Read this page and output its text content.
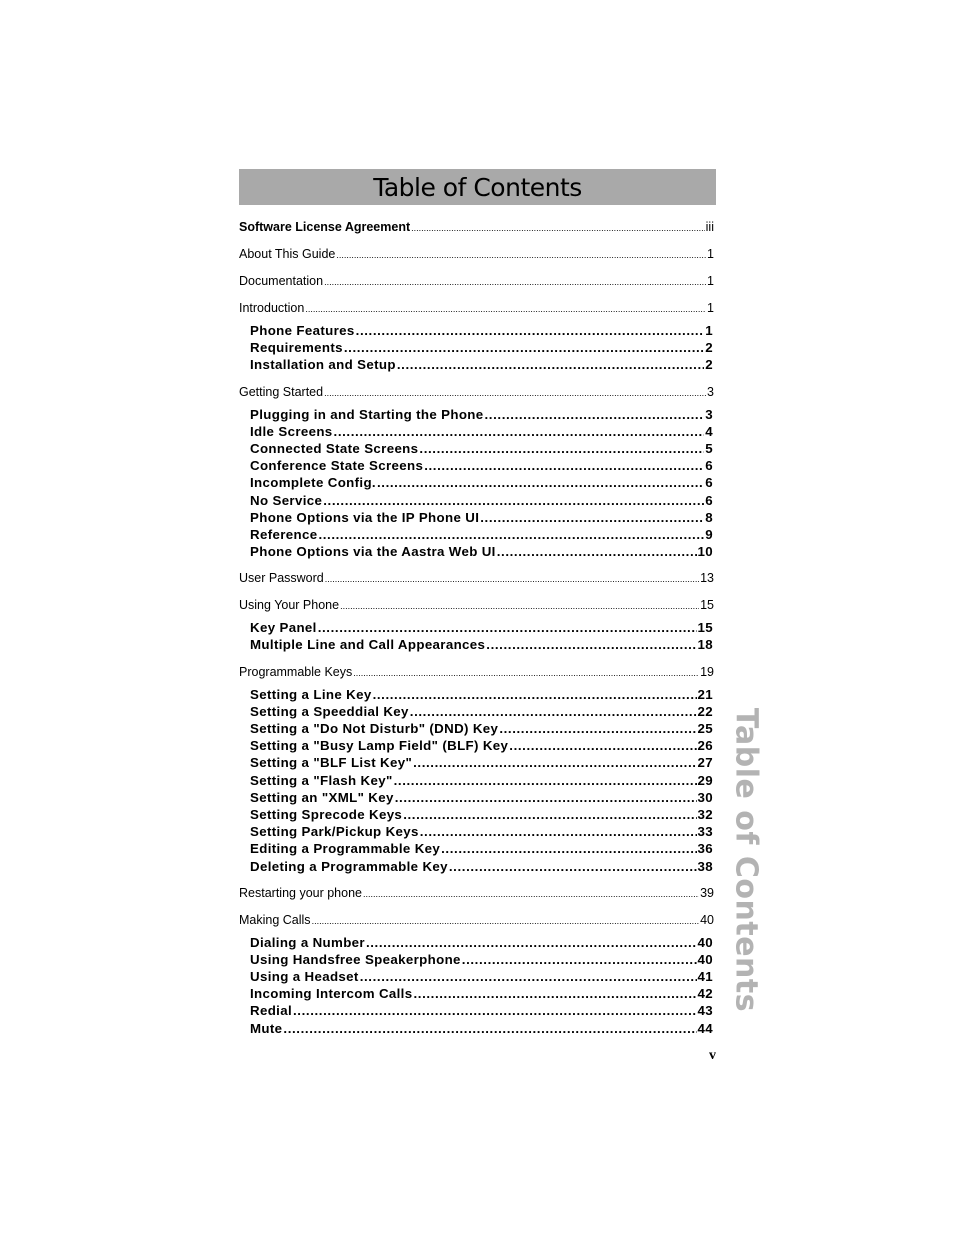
Table of Contents
Software License Agreement .....	iii
About This Guide .....	1
Documentation .....	1
Introduction .....	1
Phone Features .....	1
Requirements .....	2
Installation and Setup .....	2
Getting Started .....	3
Plugging in and Starting the Phone .....	3
Idle Screens .....	4
Connected State Screens .....	5
Conference State Screens .....	6
Incomplete Config. .....	6
No Service .....	6
Phone Options via the IP Phone UI .....	8
Reference .....	9
Phone Options via the Aastra Web UI .....	10
User Password .....	13
Using Your Phone .....	15
Key Panel .....	15
Multiple Line and Call Appearances .....	18
Programmable Keys .....	19
Setting a Line Key .....	21
Setting a Speeddial Key .....	22
Setting a "Do Not Disturb" (DND) Key .....	25
Setting a "Busy Lamp Field" (BLF) Key .....	26
Setting a "BLF List Key" .....	27
Setting a "Flash Key" .....	29
Setting an "XML" Key .....	30
Setting Sprecode Keys .....	32
Setting Park/Pickup Keys .....	33
Editing a Programmable Key .....	36
Deleting a Programmable Key .....	38
Restarting your phone .....	39
Making Calls .....	40
Dialing a Number .....	40
Using Handsfree Speakerphone .....	40
Using a Headset .....	41
Incoming Intercom Calls .....	42
Redial .....	43
Mute .....	44
Table of Contents
v
